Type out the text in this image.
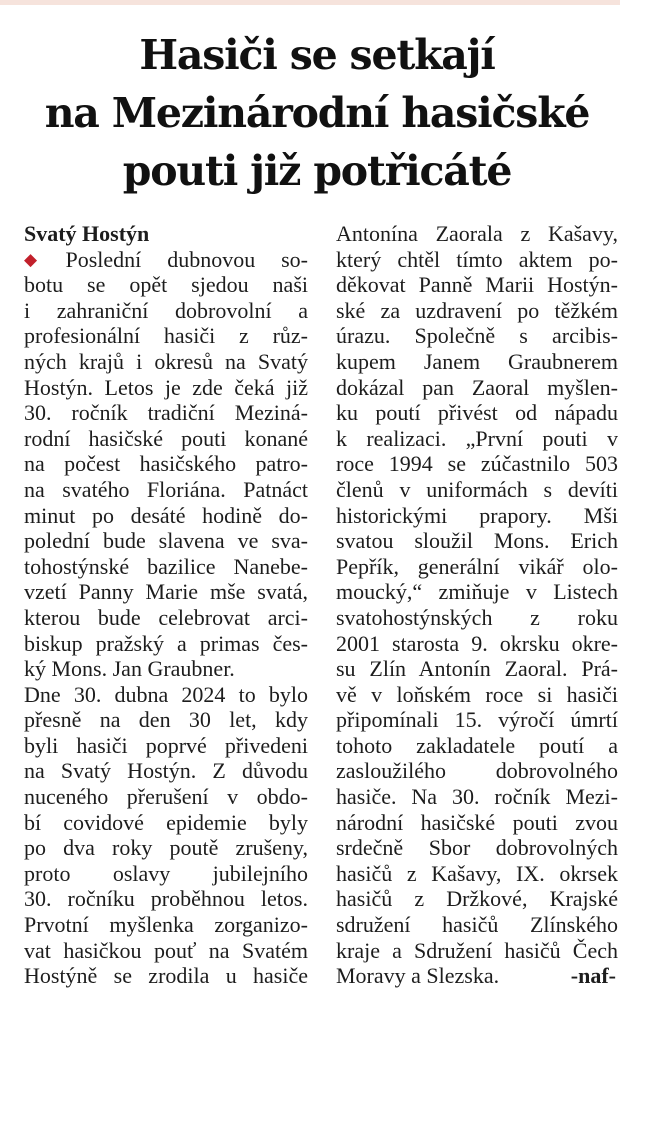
Hasiči se setkají
na Mezinárodní hasičské
pouti již potřicáté
Svatý Hostýn
◆ Poslední dubnovou so-
botu se opět sjedou naši
i zahraniční dobrovolní a
profesionální hasiči z růz-
ných krajů i okresů na Svatý
Hostýn. Letos je zde čeká již
30. ročník tradiční Meziná-
rodní hasičské pouti konané
na počest hasičského patro-
na svatého Floriána. Patnáct
minut po desáté hodině do-
polední bude slavena ve sva-
tohostýnské bazilice Nanebe-
vzetí Panny Marie mše svatá,
kterou bude celebrovat arci-
biskup pražský a primas čes-
ký Mons. Jan Graubner.
Dne 30. dubna 2024 to bylo
přesně na den 30 let, kdy
byli hasiči poprvé přivedeni
na Svatý Hostýn. Z důvodu
nuceného přerušení v obdo-
bí covidové epidemie byly
po dva roky poutě zrušeny,
proto oslavy jubilejního
30. ročníku proběhnou letos.
Prvotní myšlenka zorganizo-
vat hasičkou pouť na Svatém
Hostýně se zrodila u hasiče
Antonína Zaorala z Kašavy,
který chtěl tímto aktem po-
děkovat Panně Marii Hostýn-
ské za uzdravení po těžkém
úrazu. Společně s arcibis-
kupem Janem Graubnerem
dokázal pan Zaoral myšlen-
ku poutí přivést od nápadu
k realizaci. „První pouti v
roce 1994 se zúčastnilo 503
členů v uniformách s devíti
historickými prapory. Mši
svatou sloužil Mons. Erich
Pepřík, generální vikář olo-
moucký,“ zmiňuje v Listech
svatohostýnských z roku
2001 starosta 9. okrsku okre-
su Zlín Antonín Zaoral. Prá-
vě v loňském roce si hasiči
připomínali 15. výročí úmrtí
tohoto zakladatele poutí a
zasloužilého dobrovolného
hasiče. Na 30. ročník Mezi-
národní hasičské pouti zvou
srdečně Sbor dobrovolných
hasičů z Kašavy, IX. okrsek
hasičů z Držkové, Krajské
sdružení hasičů Zlínského
kraje a Sdružení hasičů Čech
Moravy a Slezska.	-naf-
